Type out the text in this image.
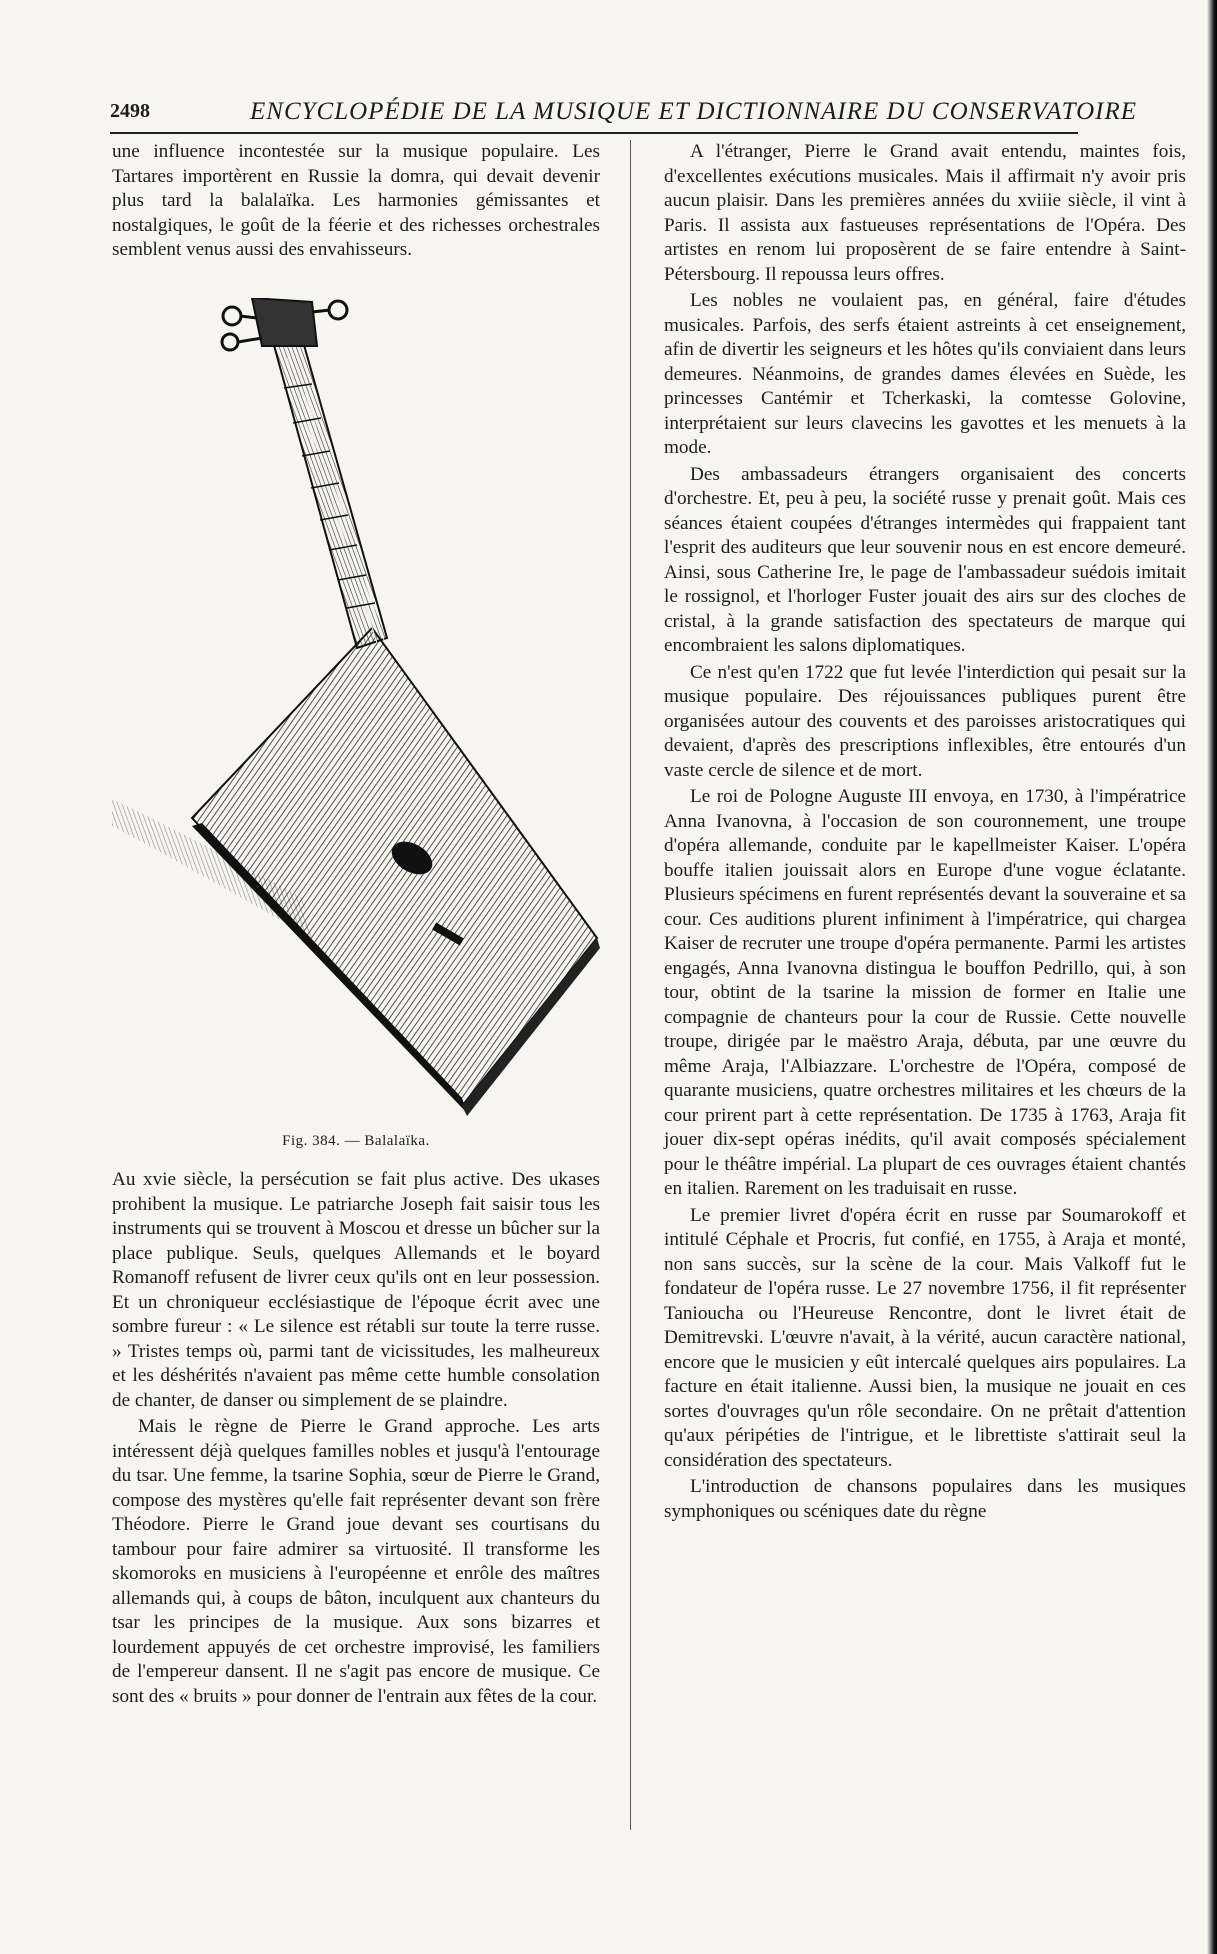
2498	ENCYCLOPÉDIE DE LA MUSIQUE ET DICTIONNAIRE DU CONSERVATOIRE

une influence incontestée sur la musique populaire. Les Tartares importèrent en Russie la domra, qui devait devenir plus tard la balalaïka. Les harmonies gémissantes et nostalgiques, le goût de la féerie et des richesses orchestrales semblent venus aussi des envahisseurs.

Fig. 384. — Balalaïka.

Au xvie siècle, la persécution se fait plus active. Des ukases prohibent la musique. Le patriarche Joseph fait saisir tous les instruments qui se trouvent à Moscou et dresse un bûcher sur la place publique. Seuls, quelques Allemands et le boyard Romanoff refusent de livrer ceux qu'ils ont en leur possession. Et un chroniqueur ecclésiastique de l'époque écrit avec une sombre fureur : « Le silence est rétabli sur toute la terre russe. » Tristes temps où, parmi tant de vicissitudes, les malheureux et les déshérités n'avaient pas même cette humble consolation de chanter, de danser ou simplement de se plaindre.

Mais le règne de Pierre le Grand approche. Les arts intéressent déjà quelques familles nobles et jusqu'à l'entourage du tsar. Une femme, la tsarine Sophia, sœur de Pierre le Grand, compose des mystères qu'elle fait représenter devant son frère Théodore. Pierre le Grand joue devant ses courtisans du tambour pour faire admirer sa virtuosité. Il transforme les skomoroks en musiciens à l'européenne et enrôle des maîtres allemands qui, à coups de bâton, inculquent aux chanteurs du tsar les principes de la musique. Aux sons bizarres et lourdement appuyés de cet orchestre improvisé, les familiers de l'empereur dansent. Il ne s'agit pas encore de musique. Ce sont des « bruits » pour donner de l'entrain aux fêtes de la cour.

A l'étranger, Pierre le Grand avait entendu, maintes fois, d'excellentes exécutions musicales. Mais il affirmait n'y avoir pris aucun plaisir. Dans les premières années du xviiie siècle, il vint à Paris. Il assista aux fastueuses représentations de l'Opéra. Des artistes en renom lui proposèrent de se faire entendre à Saint-Pétersbourg. Il repoussa leurs offres.

Les nobles ne voulaient pas, en général, faire d'études musicales. Parfois, des serfs étaient astreints à cet enseignement, afin de divertir les seigneurs et les hôtes qu'ils conviaient dans leurs demeures. Néanmoins, de grandes dames élevées en Suède, les princesses Cantémir et Tcherkaski, la comtesse Golovine, interprétaient sur leurs clavecins les gavottes et les menuets à la mode.

Des ambassadeurs étrangers organisaient des concerts d'orchestre. Et, peu à peu, la société russe y prenait goût. Mais ces séances étaient coupées d'étranges intermèdes qui frappaient tant l'esprit des auditeurs que leur souvenir nous en est encore demeuré. Ainsi, sous Catherine Ire, le page de l'ambassadeur suédois imitait le rossignol, et l'horloger Fuster jouait des airs sur des cloches de cristal, à la grande satisfaction des spectateurs de marque qui encombraient les salons diplomatiques.

Ce n'est qu'en 1722 que fut levée l'interdiction qui pesait sur la musique populaire. Des réjouissances publiques purent être organisées autour des couvents et des paroisses aristocratiques qui devaient, d'après des prescriptions inflexibles, être entourés d'un vaste cercle de silence et de mort.

Le roi de Pologne Auguste III envoya, en 1730, à l'impératrice Anna Ivanovna, à l'occasion de son couronnement, une troupe d'opéra allemande, conduite par le kapellmeister Kaiser. L'opéra bouffe italien jouissait alors en Europe d'une vogue éclatante. Plusieurs spécimens en furent représentés devant la souveraine et sa cour. Ces auditions plurent infiniment à l'impératrice, qui chargea Kaiser de recruter une troupe d'opéra permanente. Parmi les artistes engagés, Anna Ivanovna distingua le bouffon Pedrillo, qui, à son tour, obtint de la tsarine la mission de former en Italie une compagnie de chanteurs pour la cour de Russie. Cette nouvelle troupe, dirigée par le maëstro Araja, débuta, par une œuvre du même Araja, l'Albiazzare. L'orchestre de l'Opéra, composé de quarante musiciens, quatre orchestres militaires et les chœurs de la cour prirent part à cette représentation. De 1735 à 1763, Araja fit jouer dix-sept opéras inédits, qu'il avait composés spécialement pour le théâtre impérial. La plupart de ces ouvrages étaient chantés en italien. Rarement on les traduisait en russe.

Le premier livret d'opéra écrit en russe par Soumarokoff et intitulé Céphale et Procris, fut confié, en 1755, à Araja et monté, non sans succès, sur la scène de la cour. Mais Valkoff fut le fondateur de l'opéra russe. Le 27 novembre 1756, il fit représenter Tanioucha ou l'Heureuse Rencontre, dont le livret était de Demitrevski. L'œuvre n'avait, à la vérité, aucun caractère national, encore que le musicien y eût intercalé quelques airs populaires. La facture en était italienne. Aussi bien, la musique ne jouait en ces sortes d'ouvrages qu'un rôle secondaire. On ne prêtait d'attention qu'aux péripéties de l'intrigue, et le librettiste s'attirait seul la considération des spectateurs.

L'introduction de chansons populaires dans les musiques symphoniques ou scéniques date du règne
